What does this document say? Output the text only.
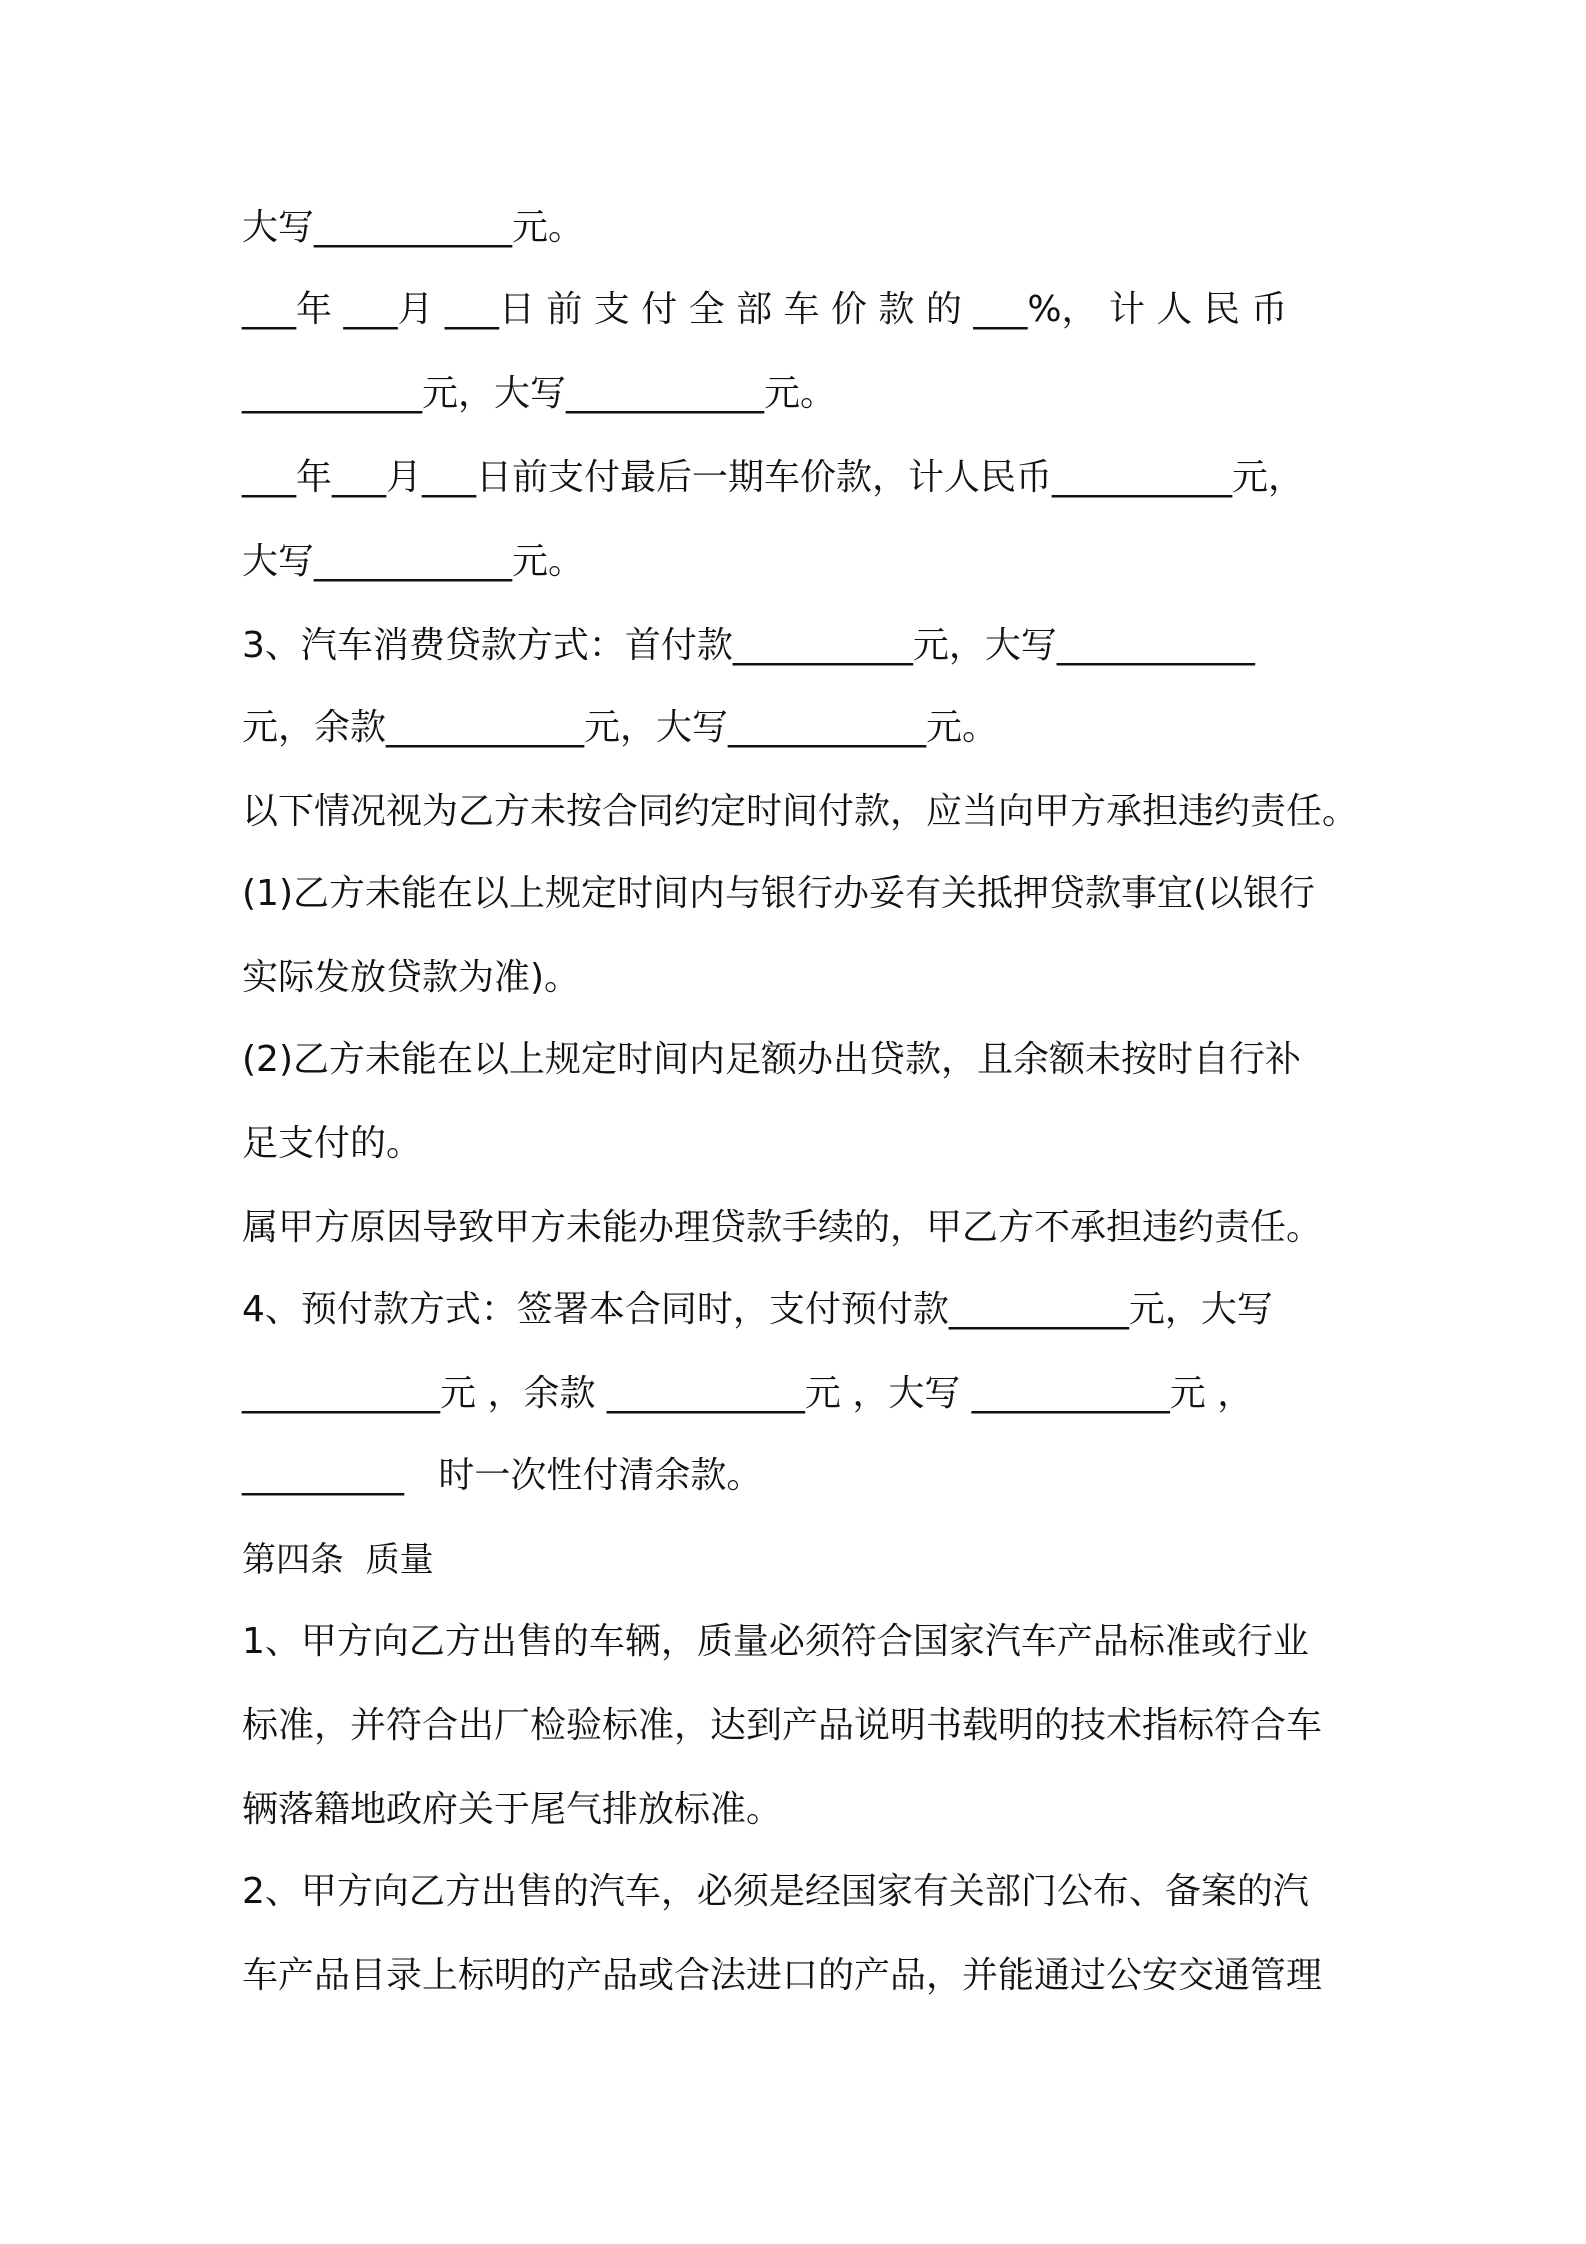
大写___________元。
___年 ___月 ___日 前 支 付 全 部 车 价 款 的 ___%， 计 人 民 币
__________元，大写___________元。
___年___月___日前支付最后一期车价款，计人民币__________元，
大写___________元。
3、汽车消费贷款方式：首付款__________元，大写___________
元，余款___________元，大写___________元。
以下情况视为乙方未按合同约定时间付款，应当向甲方承担违约责任。
(1)乙方未能在以上规定时间内与银行办妥有关抵押贷款事宜(以银行
实际发放贷款为准)。
(2)乙方未能在以上规定时间内足额办出贷款，且余额未按时自行补
足支付的。
属甲方原因导致甲方未能办理贷款手续的，甲乙方不承担违约责任。
4、预付款方式：签署本合同时，支付预付款__________元，大写
___________元 ，余款 ___________元 ，大写 ___________元 ，
_________   时一次性付清余款。
第四条  质量
1、甲方向乙方出售的车辆，质量必须符合国家汽车产品标准或行业
标准，并符合出厂检验标准，达到产品说明书载明的技术指标符合车
辆落籍地政府关于尾气排放标准。
2、甲方向乙方出售的汽车，必须是经国家有关部门公布、备案的汽
车产品目录上标明的产品或合法进口的产品，并能通过公安交通管理
